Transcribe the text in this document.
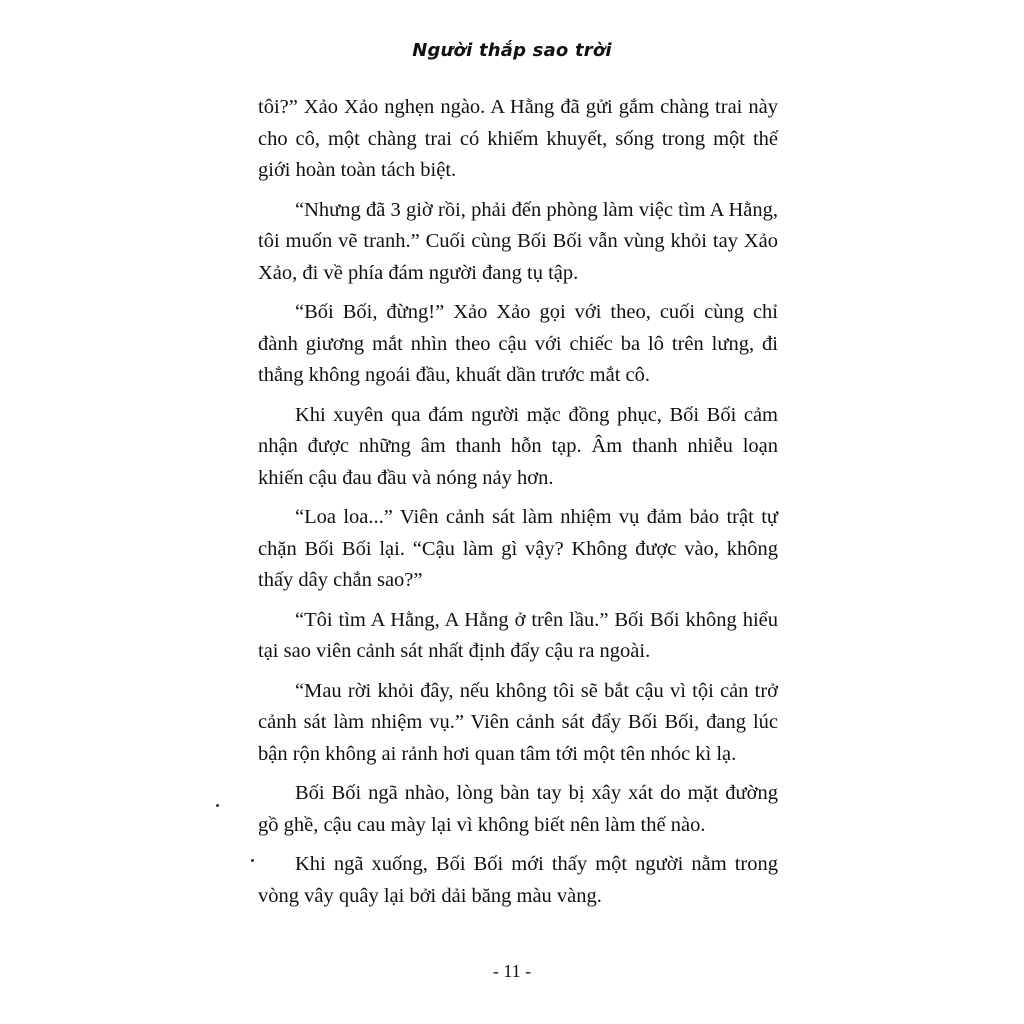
Người thắp sao trời

tôi?” Xảo Xảo nghẹn ngào. A Hằng đã gửi gắm chàng trai này cho cô, một chàng trai có khiếm khuyết, sống trong một thế giới hoàn toàn tách biệt.

“Nhưng đã 3 giờ rồi, phải đến phòng làm việc tìm A Hằng, tôi muốn vẽ tranh.” Cuối cùng Bối Bối vẫn vùng khỏi tay Xảo Xảo, đi về phía đám người đang tụ tập.

“Bối Bối, đừng!” Xảo Xảo gọi với theo, cuối cùng chỉ đành giương mắt nhìn theo cậu với chiếc ba lô trên lưng, đi thẳng không ngoái đầu, khuất dần trước mắt cô.

Khi xuyên qua đám người mặc đồng phục, Bối Bối cảm nhận được những âm thanh hỗn tạp. Âm thanh nhiễu loạn khiến cậu đau đầu và nóng nảy hơn.

“Loa loa...” Viên cảnh sát làm nhiệm vụ đảm bảo trật tự chặn Bối Bối lại. “Cậu làm gì vậy? Không được vào, không thấy dây chắn sao?”

“Tôi tìm A Hằng, A Hằng ở trên lầu.” Bối Bối không hiểu tại sao viên cảnh sát nhất định đẩy cậu ra ngoài.

“Mau rời khỏi đây, nếu không tôi sẽ bắt cậu vì tội cản trở cảnh sát làm nhiệm vụ.” Viên cảnh sát đẩy Bối Bối, đang lúc bận rộn không ai rảnh hơi quan tâm tới một tên nhóc kì lạ.

Bối Bối ngã nhào, lòng bàn tay bị xây xát do mặt đường gồ ghề, cậu cau mày lại vì không biết nên làm thế nào.

Khi ngã xuống, Bối Bối mới thấy một người nằm trong vòng vây quây lại bởi dải băng màu vàng.

- 11 -
